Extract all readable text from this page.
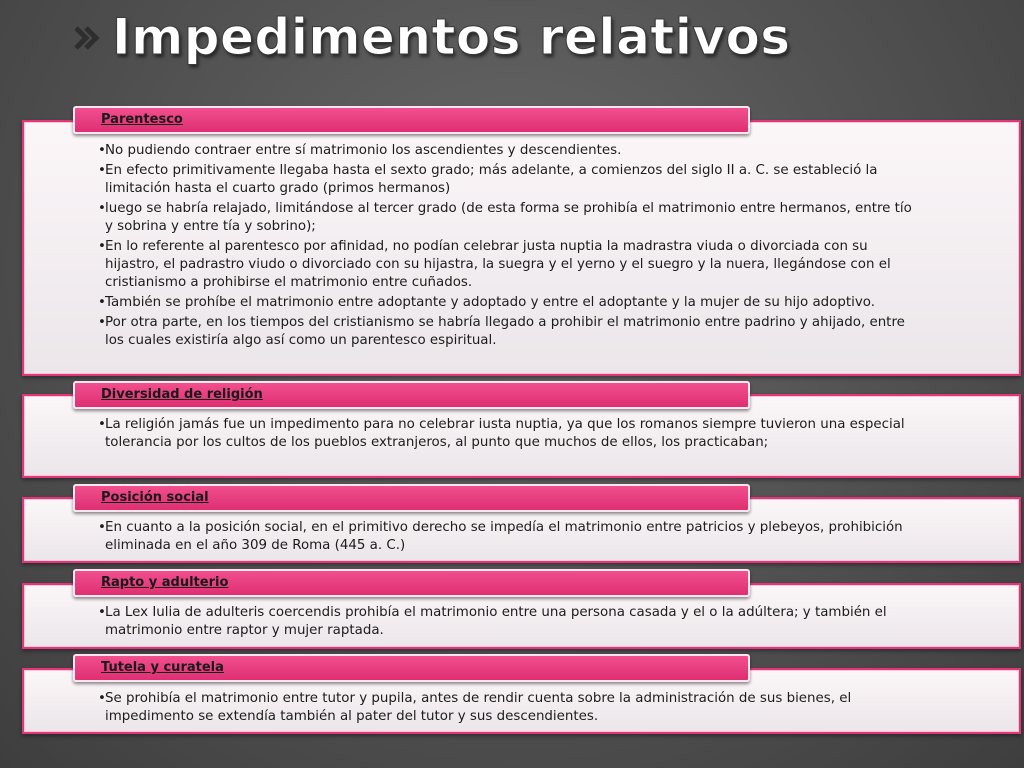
Impedimentos relativos
Parentesco
• No pudiendo contraer entre sí matrimonio los ascendientes y descendientes.
• En efecto primitivamente llegaba hasta el sexto grado; más adelante, a comienzos del siglo II a. C. se estableció la limitación hasta el cuarto grado (primos hermanos)
• luego se habría relajado, limitándose al tercer grado (de esta forma se prohibía el matrimonio entre hermanos, entre tío y sobrina y entre tía y sobrino);
• En lo referente al parentesco por afinidad, no podían celebrar justa nuptia la madrastra viuda o divorciada con su hijastro, el padrastro viudo o divorciado con su hijastra, la suegra y el yerno y el suegro y la nuera, llegándose con el cristianismo a prohibirse el matrimonio entre cuñados.
• También se prohíbe el matrimonio entre adoptante y adoptado y entre el adoptante y la mujer de su hijo adoptivo.
• Por otra parte, en los tiempos del cristianismo se habría llegado a prohibir el matrimonio entre padrino y ahijado, entre los cuales existiría algo así como un parentesco espiritual.
Diversidad de religión
• La religión jamás fue un impedimento para no celebrar iusta nuptia, ya que los romanos siempre tuvieron una especial tolerancia por los cultos de los pueblos extranjeros, al punto que muchos de ellos, los practicaban;
Posición social
• En cuanto a la posición social, en el primitivo derecho se impedía el matrimonio entre patricios y plebeyos, prohibición eliminada en el año 309 de Roma (445 a. C.)
Rapto y adulterio
• La Lex Iulia de adulteris coercendis prohibía el matrimonio entre una persona casada y el o la adúltera; y también el matrimonio entre raptor y mujer raptada.
Tutela y curatela
• Se prohibía el matrimonio entre tutor y pupila, antes de rendir cuenta sobre la administración de sus bienes, el impedimento se extendía también al pater del tutor y sus descendientes.
